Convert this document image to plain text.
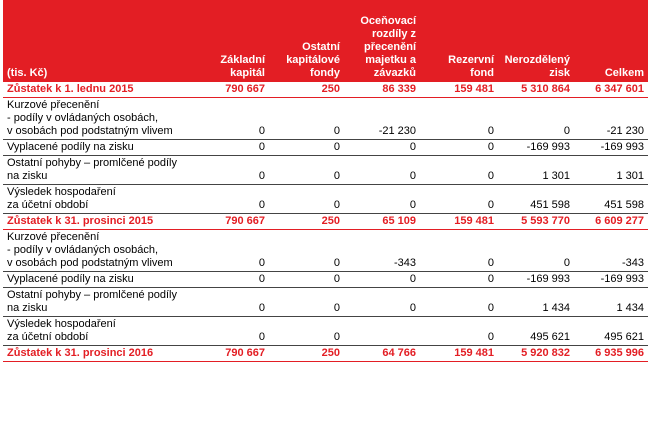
(tis. Kč)	Základní kapitál	Ostatní kapitálové fondy	Oceňovací rozdíly z přecenění majetku a závazků	Rezervní fond	Nerozdělený zisk	Celkem
Zůstatek k 1. lednu 2015	790 667	250	86 339	159 481	5 310 864	6 347 601

Kurzové přecenění
- podíly v ovládaných osobách,
v osobách pod podstatným vlivem	0	0	-21 230	0	0	-21 230

Vyplacené podíly na zisku	0	0	0	0	-169 993	-169 993

Ostatní pohyby – promlčené podíly
na zisku	0	0	0	0	1 301	1 301

Výsledek hospodaření
za účetní období	0	0	0	0	451 598	451 598
Zůstatek k 31. prosinci 2015	790 667	250	65 109	159 481	5 593 770	6 609 277

Kurzové přecenění
- podíly v ovládaných osobách,
v osobách pod podstatným vlivem	0	0	-343	0	0	-343

Vyplacené podíly na zisku	0	0	0	0	-169 993	-169 993

Ostatní pohyby – promlčené podíly
na zisku	0	0	0	0	1 434	1 434

Výsledek hospodaření
za účetní období	0	0		0	495 621	495 621
Zůstatek k 31. prosinci 2016	790 667	250	64 766	159 481	5 920 832	6 935 996
